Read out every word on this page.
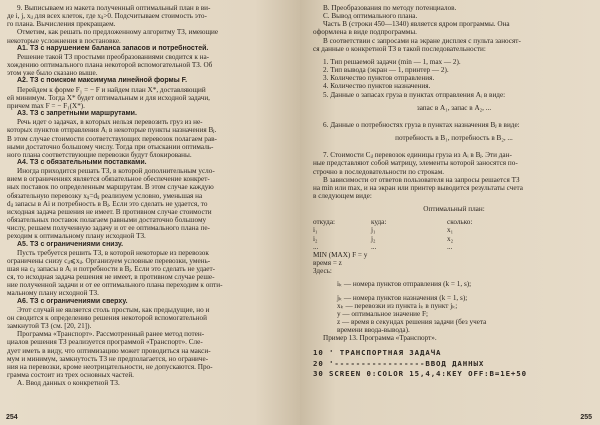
9. Выписываем из макета полученный оптимальный план в ви-
де i, j, xᵢⱼ для всех клеток, где xᵢⱼ>0. Подсчитываем стоимость это-
го плана. Вычисления прекращаем.
Отметим, как решать по предложенному алгоритму ТЗ, имеющие
некоторые усложнения в постановке.
А1. ТЗ с нарушением баланса запасов и потребностей.
Решение такой ТЗ простыми преобразованиями сводится к на-
хождению оптимального плана некоторой вспомогательной ТЗ. Об
этом уже было сказано выше.
А2. ТЗ с поиском максимума линейной формы F.
Перейдем к форме F₁ = − F и найдем план X*, доставляющий
ей минимум. Тогда X* будет оптимальным и для исходной задачи,
причем max F = − F₁(X*).
А3. ТЗ с запретными маршрутами.
Речь идет о задачах, в которых нельзя перевозить груз из не-
которых пунктов отправления Aᵢ в некоторые пункты назначения Bⱼ.
В этом случае стоимости соответствующих перевозок полагаем рав-
ными достаточно большому числу. Тогда при отыскании оптималь-
ного плана соответствующие перевозки будут блокированы.
А4. ТЗ с обязательными поставками.
Иногда приходится решать ТЗ, в которой дополнительным усло-
вием в ограничениях является обязательное обеспечение конкрет-
ных поставок по определенным маршрутам. В этом случае каждую
обязательную перевозку xᵢⱼ=dᵢⱼ реализуем условно, уменьшая на
dᵢⱼ запасы в Ai и потребность в Bⱼ. Если это сделать не удается, то
исходная задача решения не имеет. В противном случае стоимости
обязательных поставок полагаем равными достаточно большому
числу, решаем полученную задачу и от ее оптимального плана пе-
реходим к оптимальному плану исходной ТЗ.
А5. ТЗ с ограничениями снизу.
Пусть требуется решить ТЗ, в которой некоторые из перевозок
ограничены снизу cᵢⱼ⩽xᵢⱼ. Организуем условные перевозки, умень-
шая на cᵢⱼ запасы в Aᵢ и потребности в Bⱼ. Если это сделать не удает-
ся, то исходная задача решения не имеет, в противном случае реше-
ние полученной задачи и от ее оптимального плана переходим к опти-
мальному плану исходной ТЗ.
А6. ТЗ с ограничениями сверху.
Этот случай не является столь простым, как предыдущие, но и
он сводится к определению решения некоторой вспомогательной
замкнутой ТЗ (см. [20, 21]).
Программа «Транспорт». Рассмотренный ранее метод потен-
циалов решения ТЗ реализуется программой «Транспорт». Сле-
дует иметь в виду, что оптимизацию может проводиться на макси-
мум и минимум, замкнутость ТЗ не предполагается, но ограниче-
ния на перевозки, кроме неотрицательности, не допускаются. Про-
грамма состоит из трех основных частей.
А. Ввод данных о конкретной ТЗ.
254
В. Преобразования по методу потенциалов.
С. Вывод оптимального плана.
Часть В (строки 450—1340) является ядром программы. Она
оформлена в виде подпрограммы.
В соответствии с запросами на экране дисплея с пульта заносят-
ся данные о конкретной ТЗ в такой последовательности:
1. Тип решаемой задачи (min — 1, max — 2).
2. Тип вывода (экран — 1, принтер — 2).
3. Количество пунктов отправления.
4. Количество пунктов назначения.
5. Данные о запасах груза в пунктах отправления Aᵢ в виде:
запас в A₁, запас в A₂, ...
6. Данные о потребностях груза в пунктах назначения Bⱼ в виде:
потребность в B₁, потребность в B₂, ...
7. Стоимости Cᵢⱼ перевозок единицы груза из Aᵢ в Bⱼ. Эти дан-
ные представляют собой матрицу, элементы которой заносятся по-
строчно в последовательности по строкам.
В зависимости от ответов пользователя на запросы решается ТЗ
на min или max, и на экран или принтер выводится результаты счета
в следующем виде:
Оптимальный план:
откуда:	куда:	сколько:
i₁	j₁	x₁
i₂	j₂	x₂
...	...	...
MIN (MAX) F = y
время = z
Здесь:
iₖ — номера пунктов отправления (k = 1, s);
jₖ — номера пунктов назначения (k = 1, s);
xₖ — перевозки из пункта iₖ в пункт jₖ;
y — оптимальное значение F;
z — время в секундах решения задачи (без учета
времени ввода-вывода).
Пример 13. Программа «Транспорт».
10 ' ТРАНСПОРТНАЯ ЗАДАЧА
20 '-----------------ВВОД ДАННЫХ
30 SCREEN 0:COLOR 15,4,4:KEY OFF:B=1E+50
255
